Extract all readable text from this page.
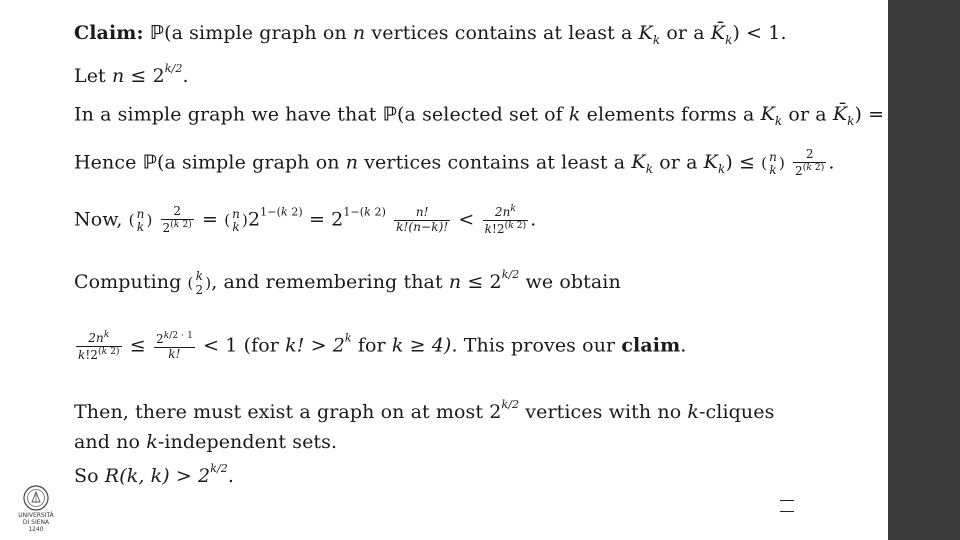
Claim: ℙ(a simple graph on n vertices contains at least a $K_k$ or a $K̄_k) < 1$.
Let $n \le 2^{k/2}$.
In a simple graph we have that ℙ(a selected set of k elements forms a $K_k$ or a $K̄_k$) =
Hence ℙ(a simple graph on n vertices contains at least a $K_k$ or a $K_k$) ≤ ( n
k ) $\frac{2}{2^{(k 2)}}$ .
Now, ( n
k ) $\frac{2}{2^{(k 2)}}$ = ( n
k )$2^{1-(k 2)} = 2^{1-(k 2)} \frac{n!}{k!(n-k)!} < \frac{2n^k}{k!2^{(k 2)}}$ .
Computing ( k
2 ), and remembering that $n \le 2^{k/2}$ we obtain
$\frac{2n^k}{k!2^{(k 2)}} \le \frac{2^{k/2 \cdot 1}}{k!} < 1$ (for k! > $2^k$ for k ≥ 4). This proves our claim.
Then, there must exist a graph on at most $2^{k/2}$ vertices with no k-cliques
and no k-independent sets.
So R(k, $k) > 2^{k/2}$.
UNIVERSITÀ
DI SIENA
1240
